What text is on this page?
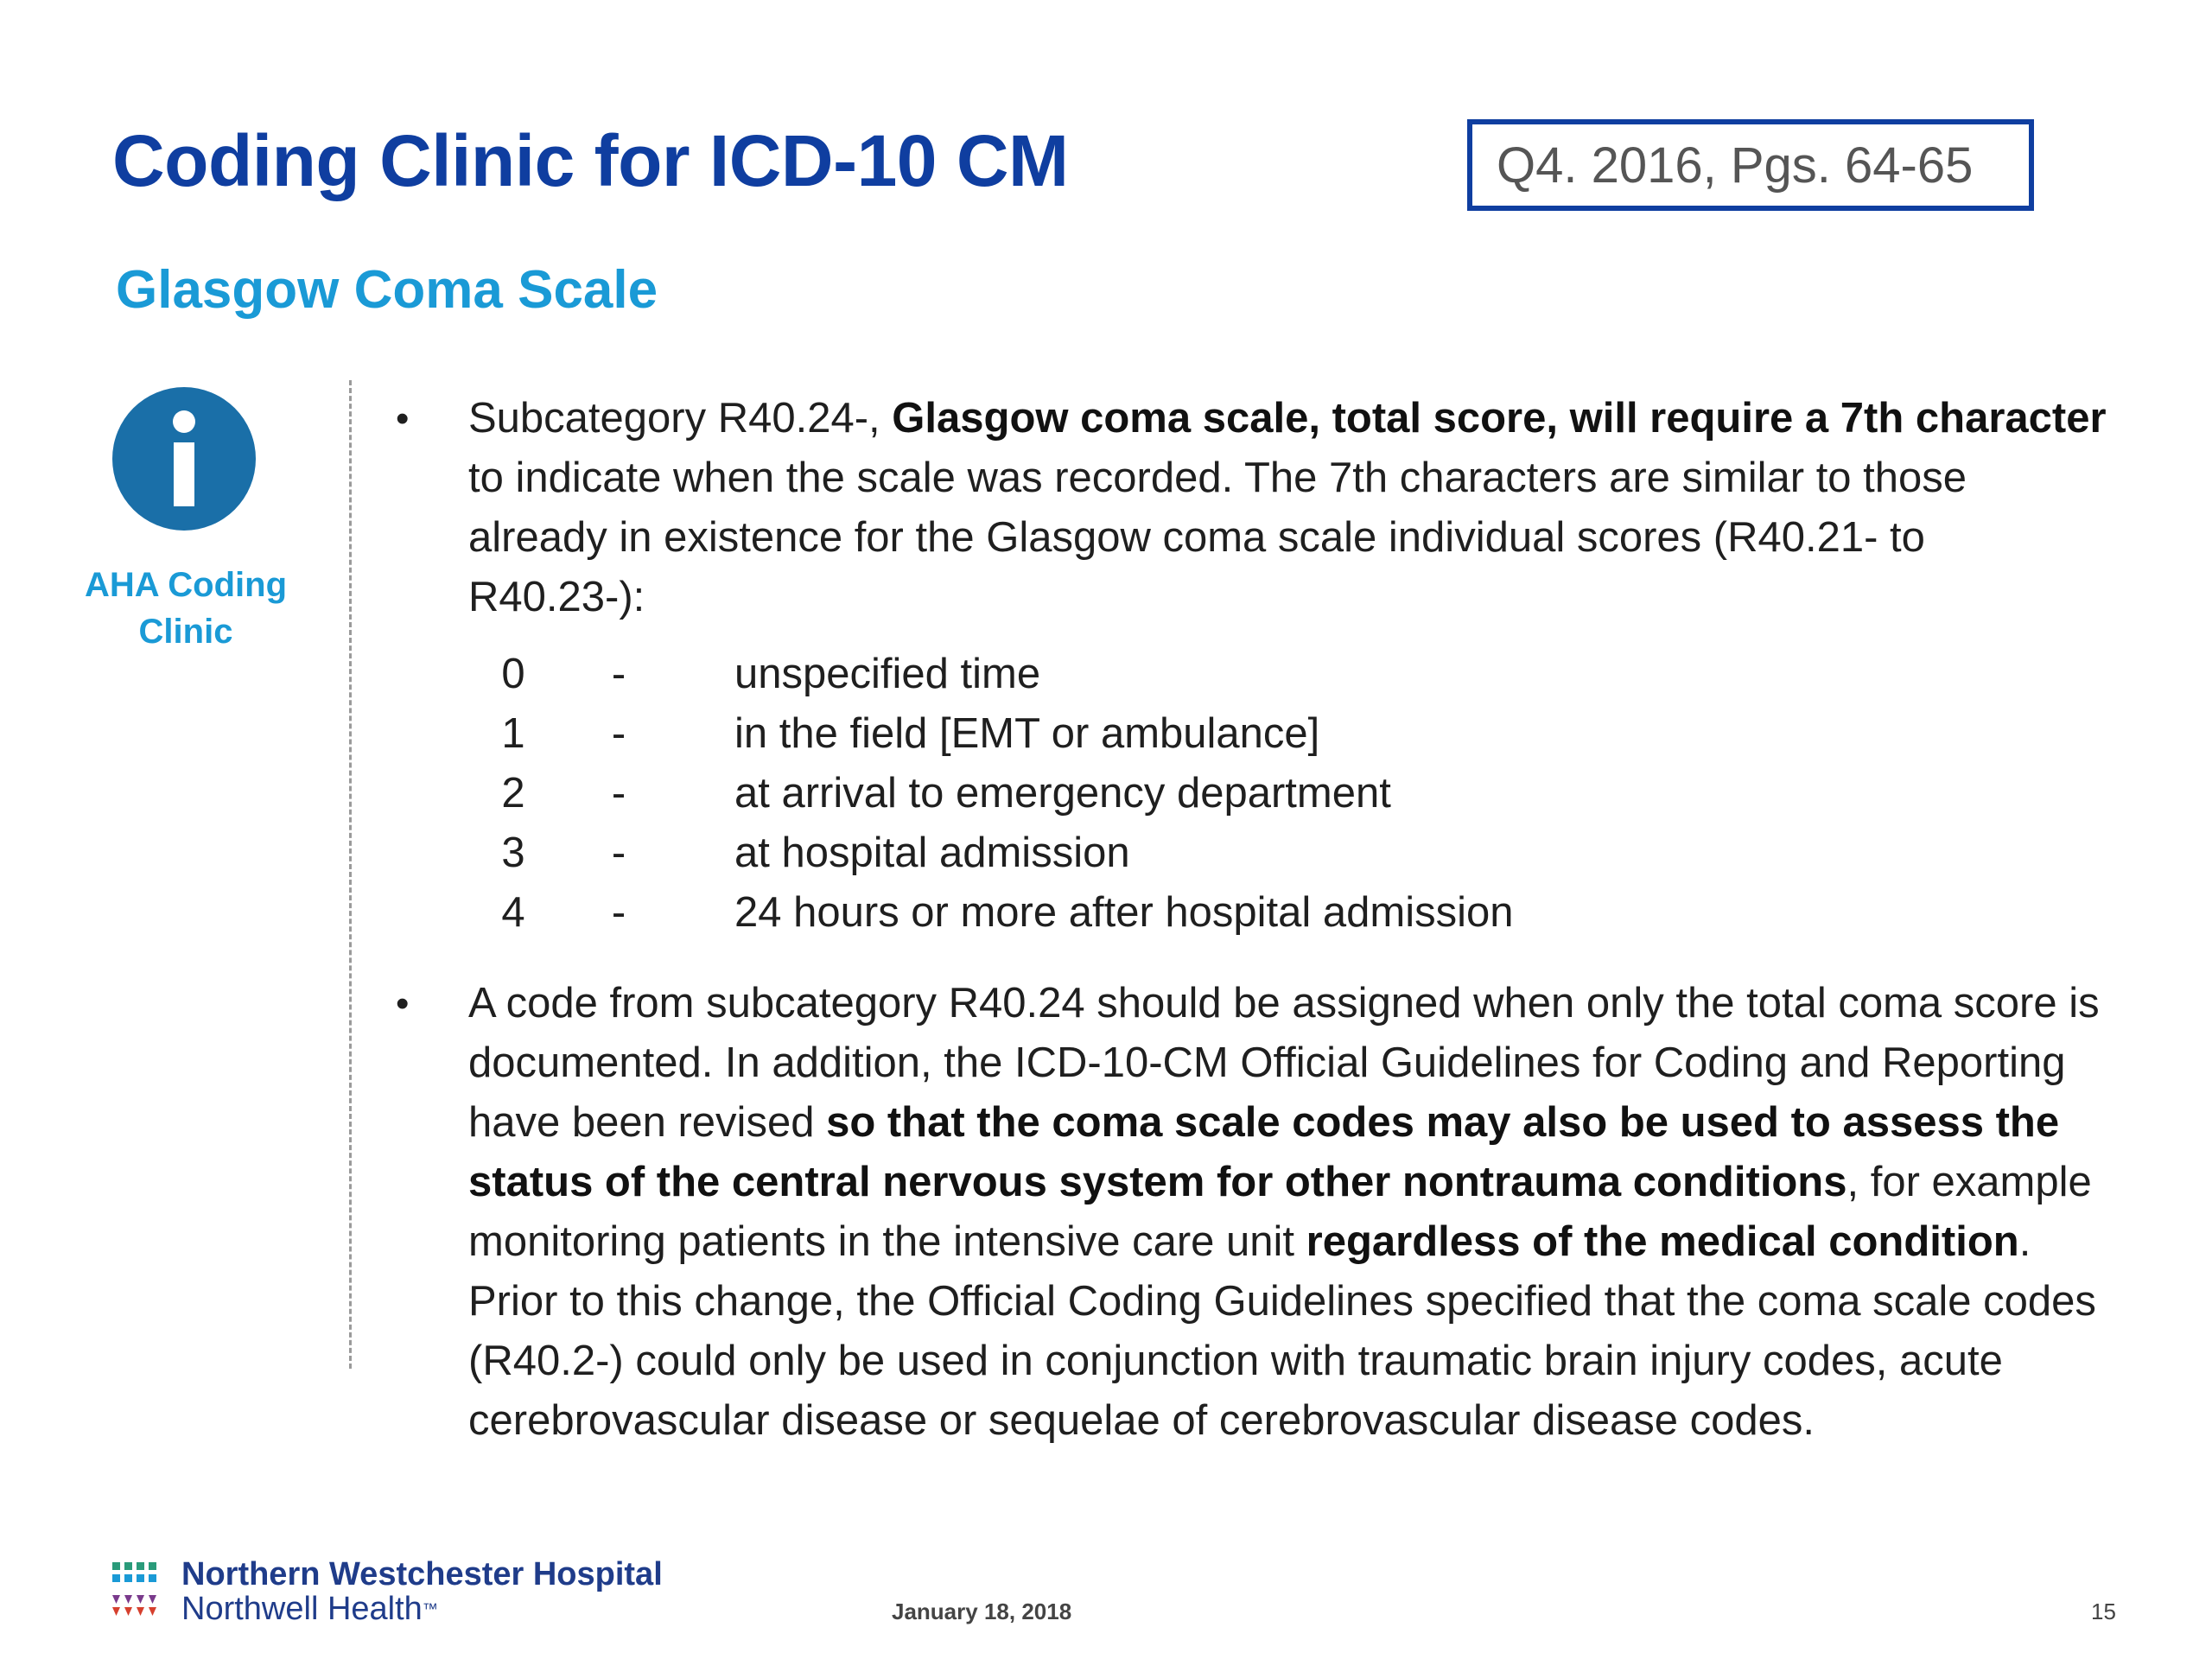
Coding Clinic for ICD-10 CM	Q4. 2016, Pgs. 64-65
Glasgow Coma Scale
AHA Coding Clinic
•	Subcategory R40.24-, Glasgow coma scale, total score, will require a 7th character to indicate when the scale was recorded. The 7th characters are similar to those already in existence for the Glasgow coma scale individual scores (R40.21- to R40.23-):
0	-	unspecified time
1	-	in the field [EMT or ambulance]
2	-	at arrival to emergency department
3	-	at hospital admission
4	-	24 hours or more after hospital admission
•	A code from subcategory R40.24 should be assigned when only the total coma score is documented. In addition, the ICD-10-CM Official Guidelines for Coding and Reporting have been revised so that the coma scale codes may also be used to assess the status of the central nervous system for other nontrauma conditions, for example monitoring patients in the intensive care unit regardless of the medical condition. Prior to this change, the Official Coding Guidelines specified that the coma scale codes (R40.2-) could only be used in conjunction with traumatic brain injury codes, acute cerebrovascular disease or sequelae of cerebrovascular disease codes.
Northern Westchester Hospital
Northwell Health™	January 18, 2018	15
